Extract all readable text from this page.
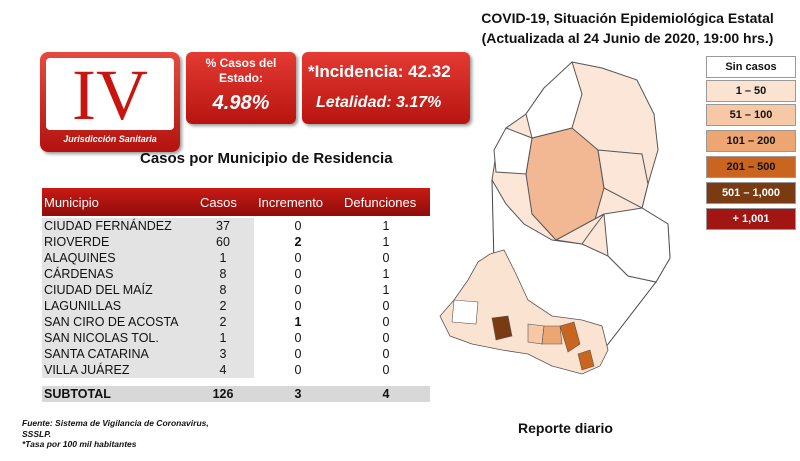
COVID-19, Situación Epidemiológica Estatal
(Actualizada al 24 Junio de 2020, 19:00 hrs.)
IV
Jurisdicción Sanitaria
% Casos del
Estado:
4.98%
*Incidencia: 42.32
Letalidad: 3.17%
Casos por Municipio de Residencia
Municipio	Casos Incremento Defunciones
CIUDAD FERNÁNDEZ	37	0	1
RIOVERDE	60	2	1
ALAQUINES	1	0	0
CÁRDENAS	8	0	1
CIUDAD DEL MAÍZ	8	0	1
LAGUNILLAS	2	0	0
SAN CIRO DE ACOSTA	2	1	0
SAN NICOLAS TOL.	1	0	0
SANTA CATARINA	3	0	0
VILLA JUÁREZ	4	0	0
SUBTOTAL	126	3	4
Sin casos
1 – 50
51 – 100
101 – 200
201 – 500
501 – 1,000
+ 1,001
Fuente: Sistema de Vigilancia de Coronavirus,
SSSLP.
*Tasa por 100 mil habitantes
Reporte diario
